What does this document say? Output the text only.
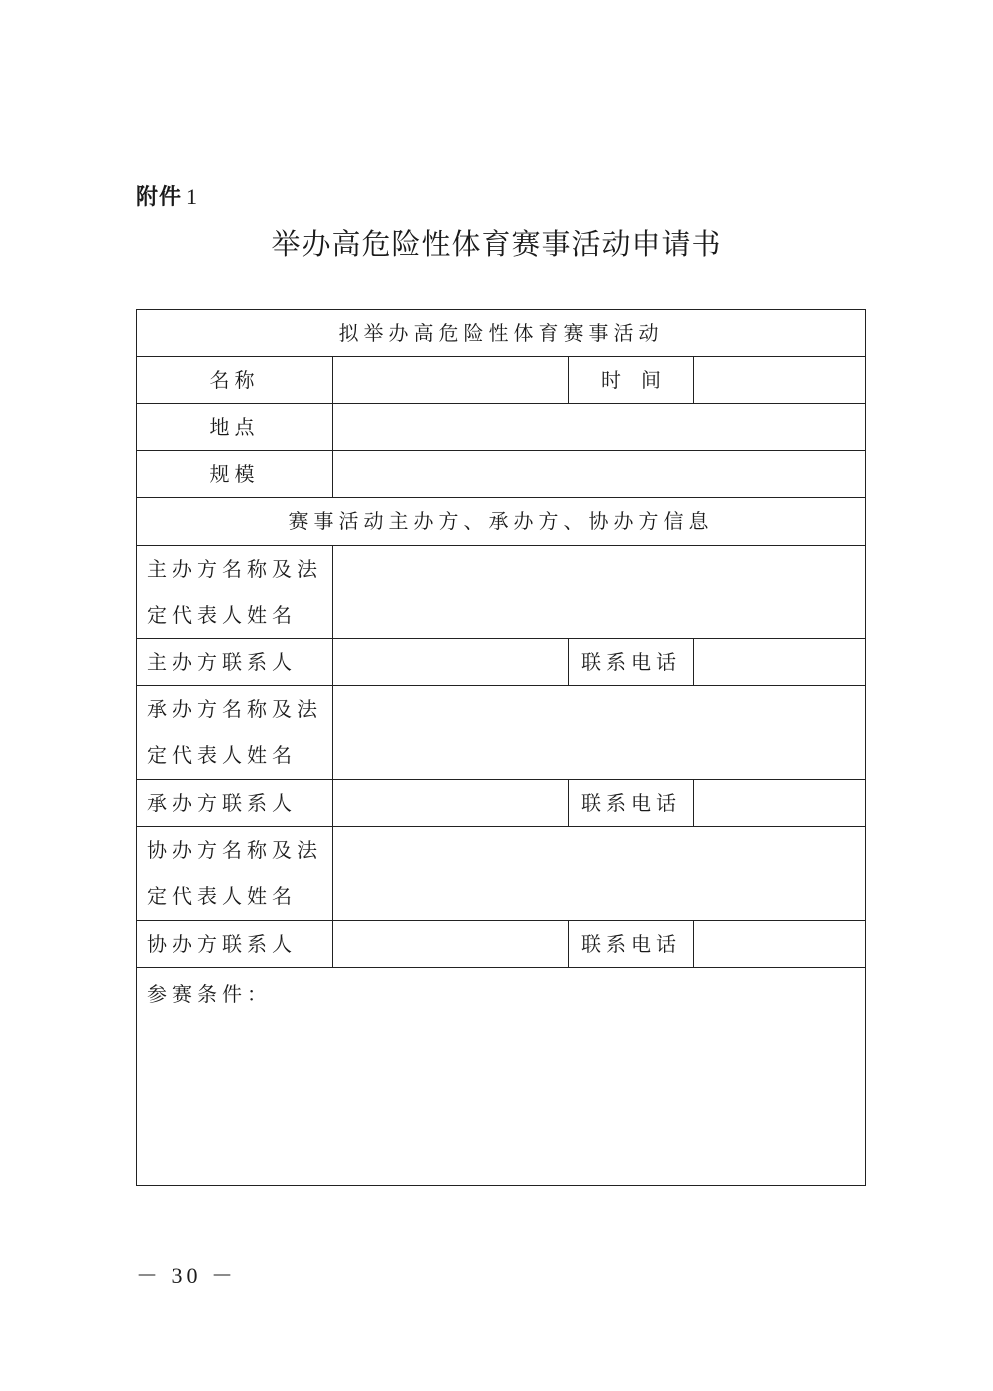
附件 1
举办高危险性体育赛事活动申请书
拟举办高危险性体育赛事活动
名称	时　间
地点
规模
赛事活动主办方、承办方、协办方信息
主办方名称及法
定代表人姓名
主办方联系人	联系电话
承办方名称及法
定代表人姓名
承办方联系人	联系电话
协办方名称及法
定代表人姓名
协办方联系人	联系电话
参赛条件：
－ 30 －
